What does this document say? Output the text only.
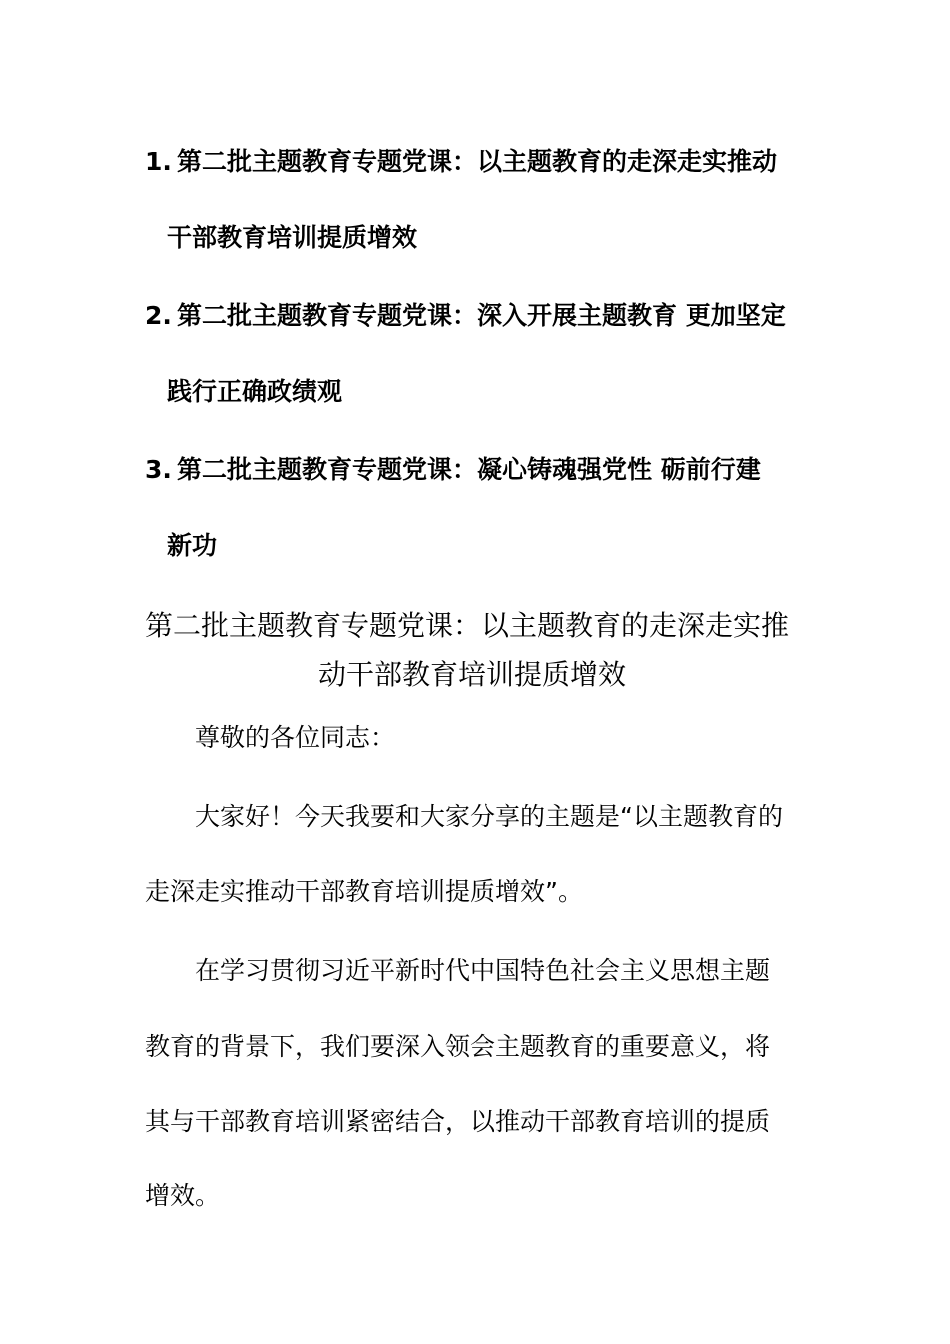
1. 第二批主题教育专题党课：以主题教育的走深走实推动
干部教育培训提质增效
2. 第二批主题教育专题党课：深入开展主题教育 更加坚定
践行正确政绩观
3. 第二批主题教育专题党课：凝心铸魂强党性 砺前行建
新功
第二批主题教育专题党课：以主题教育的走深走实推
动干部教育培训提质增效
尊敬的各位同志：
大家好！今天我要和大家分享的主题是“以主题教育的
走深走实推动干部教育培训提质增效”。
在学习贯彻习近平新时代中国特色社会主义思想主题
教育的背景下，我们要深入领会主题教育的重要意义，将
其与干部教育培训紧密结合，以推动干部教育培训的提质
增效。
